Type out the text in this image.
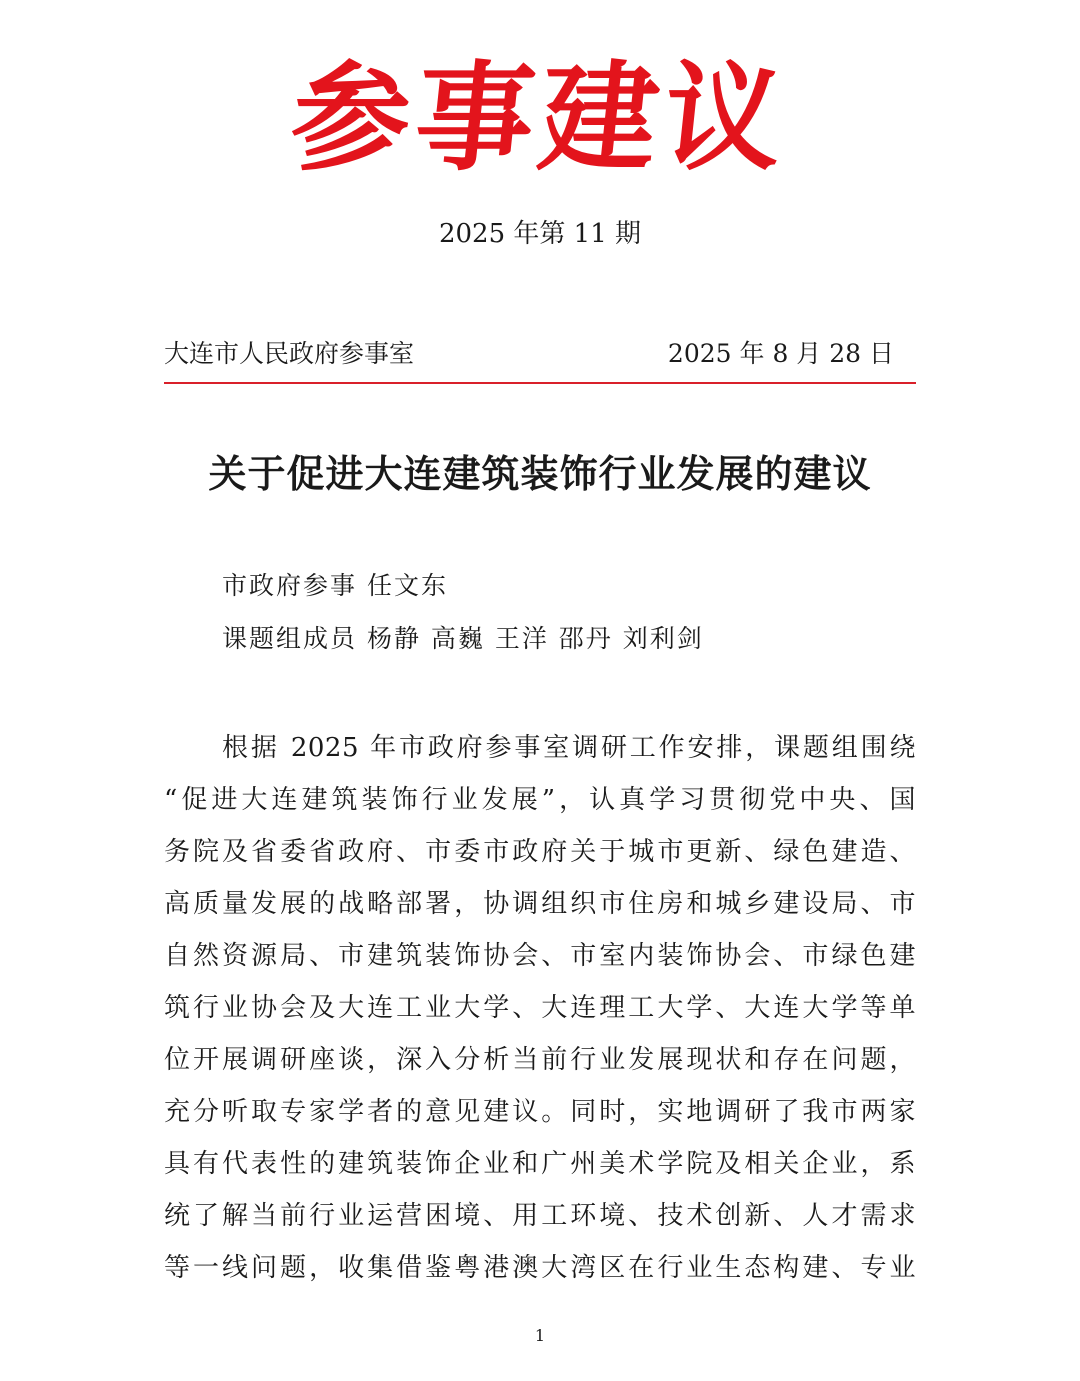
参事建议
2025 年第 11 期
大连市人民政府参事室	2025 年 8 月 28 日
关于促进大连建筑装饰行业发展的建议
市政府参事 任文东
课题组成员 杨静 高巍 王洋 邵丹 刘利剑
根据 2025 年市政府参事室调研工作安排，课题组围绕
“促进大连建筑装饰行业发展”，认真学习贯彻党中央、国
务院及省委省政府、市委市政府关于城市更新、绿色建造、
高质量发展的战略部署，协调组织市住房和城乡建设局、市
自然资源局、市建筑装饰协会、市室内装饰协会、市绿色建
筑行业协会及大连工业大学、大连理工大学、大连大学等单
位开展调研座谈，深入分析当前行业发展现状和存在问题，
充分听取专家学者的意见建议。同时，实地调研了我市两家
具有代表性的建筑装饰企业和广州美术学院及相关企业，系
统了解当前行业运营困境、用工环境、技术创新、人才需求
等一线问题，收集借鉴粤港澳大湾区在行业生态构建、专业
1
